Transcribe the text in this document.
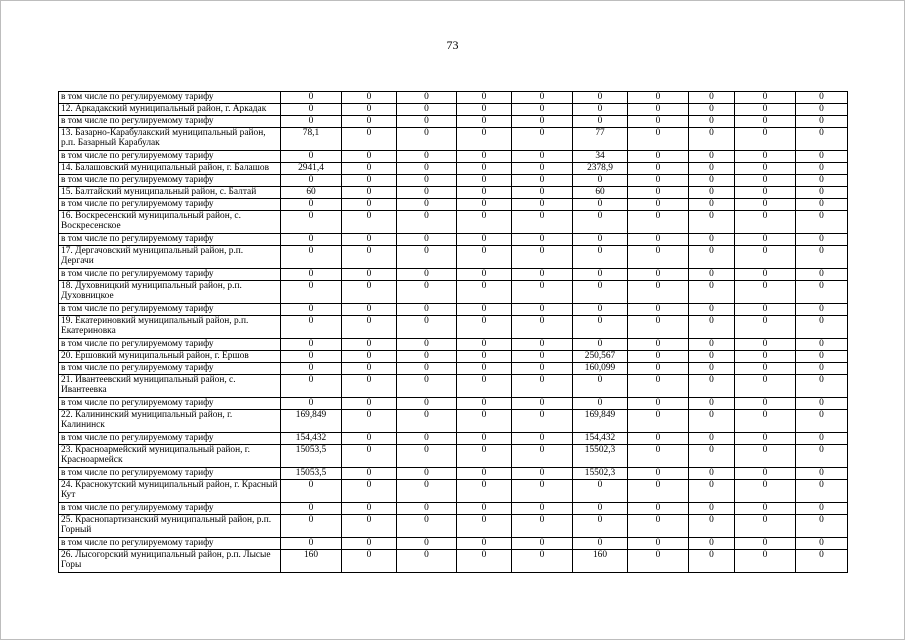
73
в том числе по регулируемому тарифу	0	0	0	0	0	0	0	0	0	0
12. Аркадакский муниципальный район, г. Аркадак	0	0	0	0	0	0	0	0	0	0
в том числе по регулируемому тарифу	0	0	0	0	0	0	0	0	0	0
13. Базарно-Карабулакский муниципальный район, р.п. Базарный Карабулак	78,1	0	0	0	0	77	0	0	0	0
в том числе по регулируемому тарифу	0	0	0	0	0	34	0	0	0	0
14. Балашовский муниципальный район, г. Балашов	2941,4	0	0	0	0	2378,9	0	0	0	0
в том числе по регулируемому тарифу	0	0	0	0	0	0	0	0	0	0
15. Балтайский муниципальный район, с. Балтай	60	0	0	0	0	60	0	0	0	0
в том числе по регулируемому тарифу	0	0	0	0	0	0	0	0	0	0
16. Воскресенский муниципальный район, с. Воскресенское	0	0	0	0	0	0	0	0	0	0
в том числе по регулируемому тарифу	0	0	0	0	0	0	0	0	0	0
17. Дергачовский муниципальный район, р.п. Дергачи	0	0	0	0	0	0	0	0	0	0
в том числе по регулируемому тарифу	0	0	0	0	0	0	0	0	0	0
18. Духовницкий муниципальный район, р.п. Духовницкое	0	0	0	0	0	0	0	0	0	0
в том числе по регулируемому тарифу	0	0	0	0	0	0	0	0	0	0
19. Екатериновкий муниципальный район, р.п. Екатериновка	0	0	0	0	0	0	0	0	0	0
в том числе по регулируемому тарифу	0	0	0	0	0	0	0	0	0	0
20. Ершовкий муниципальный район, г. Ершов	0	0	0	0	0	250,567	0	0	0	0
в том числе по регулируемому тарифу	0	0	0	0	0	160,099	0	0	0	0
21. Ивантеевский муниципальный район, с. Ивантеевка	0	0	0	0	0	0	0	0	0	0
в том числе по регулируемому тарифу	0	0	0	0	0	0	0	0	0	0
22. Калининский муниципальный район, г. Калининск	169,849	0	0	0	0	169,849	0	0	0	0
в том числе по регулируемому тарифу	154,432	0	0	0	0	154,432	0	0	0	0
23. Красноармейский муниципальный район, г. Красноармейск	15053,5	0	0	0	0	15502,3	0	0	0	0
в том числе по регулируемому тарифу	15053,5	0	0	0	0	15502,3	0	0	0	0
24. Краснокутский муниципальный район, г. Красный Кут	0	0	0	0	0	0	0	0	0	0
в том числе по регулируемому тарифу	0	0	0	0	0	0	0	0	0	0
25. Краснопартизанский муниципальный район, р.п. Горный	0	0	0	0	0	0	0	0	0	0
в том числе по регулируемому тарифу	0	0	0	0	0	0	0	0	0	0
26. Лысогорский муниципальный район, р.п. Лысые Горы	160	0	0	0	0	160	0	0	0	0
